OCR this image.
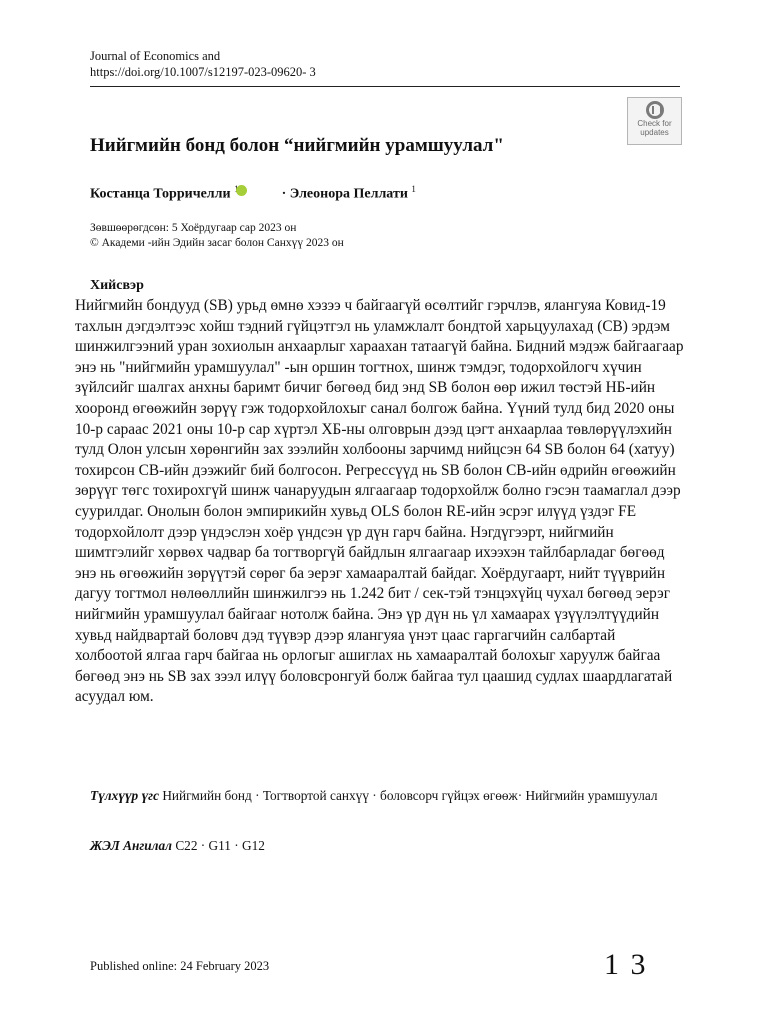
Journal of Economics and
https://doi.org/10.1007/s12197-023-09620- 3
Check for
updates
Нийгмийн бонд болон “нийгмийн урамшуулал"
Костанца Торричелли	· Элеонора Пеллати $^1$
Зөвшөөрөгдсөн: 5 Хоёрдугаар сар 2023 он
© Академи -ийн Эдийн засаг болон Санхүү 2023 он
Хийсвэр

Нийгмийн бондууд (SB) урьд өмнө хэзээ ч байгаагүй өсөлтийг гэрчлэв, ялангуяа Ковид-19 тахлын дэгдэлтээс хойш тэдний гүйцэтгэл нь уламжлалт бондтой харьцуулахад (CB) эрдэм шинжилгээний уран зохиолын анхаарлыг хараахан татаагүй байна. Бидний мэдэж байгаагаар энэ нь "нийгмийн урамшуулал" -ын оршин тогтнох, шинж тэмдэг, тодорхойлогч хүчин зүйлсийг шалгах анхны баримт бичиг бөгөөд бид энд SB болон өөр ижил төстэй НБ-ийн хооронд өгөөжийн зөрүү гэж тодорхойлохыг санал болгож байна. Үүний тулд бид 2020 оны 10-р сараас 2021 оны 10-р сар хүртэл ХБ-ны олговрын дээд цэгт анхаарлаа төвлөрүүлэхийн тулд Олон улсын хөрөнгийн зах зээлийн холбооны зарчимд нийцсэн 64 SB болон 64 (хатуу) тохирсон CB-ийн дээжийг бий болгосон. Регрессүүд нь SB болон CB-ийн өдрийн өгөөжийн зөрүүг төгс тохирохгүй шинж чанаруудын ялгаагаар тодорхойлж болно гэсэн таамаглал дээр суурилдаг. Онолын болон эмпирикийн хувьд OLS болон RE-ийн эсрэг илүүд үздэг FE тодорхойлолт дээр үндэслэн хоёр үндсэн үр дүн гарч байна. Нэгдүгээрт, нийгмийн шимтгэлийг хөрвөх чадвар ба тогтворгүй байдлын ялгаагаар ихээхэн тайлбарладаг бөгөөд энэ нь өгөөжийн зөрүүтэй сөрөг ба эерэг хамааралтай байдаг. Хоёрдугаарт, нийт түүврийн дагуу тогтмол нөлөөллийн шинжилгээ нь 1.242 бит / сек-тэй тэнцэхүйц чухал бөгөөд эерэг нийгмийн урамшуулал байгааг нотолж байна. Энэ үр дүн нь үл хамаарах үзүүлэлтүүдийн хувьд найдвартай боловч дэд түүвэр дээр ялангуяа үнэт цаас гаргагчийн салбартай холбоотой ялгаа гарч байгаа нь орлогыг ашиглах нь хамааралтай болохыг харуулж байгаа бөгөөд энэ нь SB зах зээл илүү боловсронгуй болж байгаа тул цаашид судлах шаардлагатай асуудал юм.

Түлхүүр үгс Нийгмийн бонд · Тогтвортой санхүү · боловсорч гүйцэх өгөөж· Нийгмийн урамшуулал
ЖЭЛ Ангилал C22 · G11 · G12
Published online: 24 February 2023	1 3
